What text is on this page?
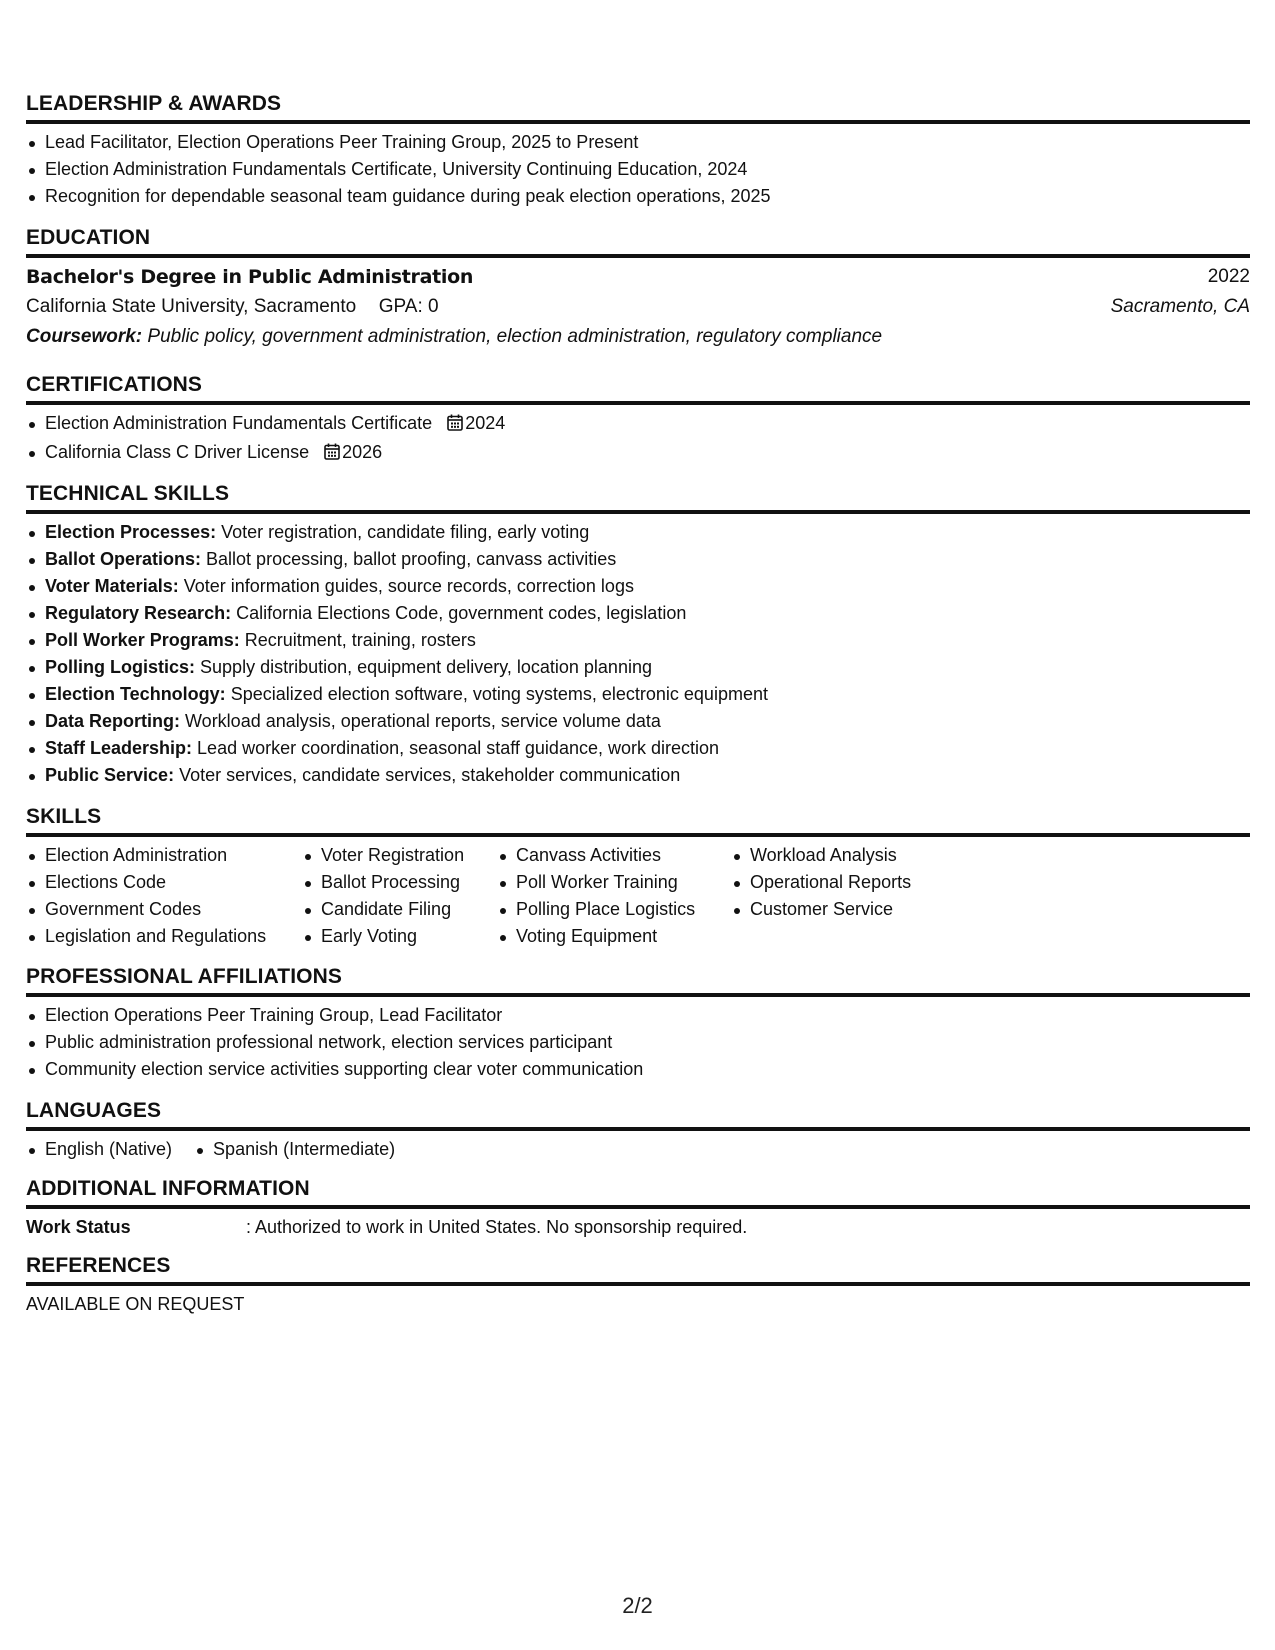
LEADERSHIP & AWARDS
Lead Facilitator, Election Operations Peer Training Group, 2025 to Present
Election Administration Fundamentals Certificate, University Continuing Education, 2024
Recognition for dependable seasonal team guidance during peak election operations, 2025
EDUCATION
Bachelor's Degree in Public Administration	2022
California State University, Sacramento GPA: 0	Sacramento, CA
Coursework: Public policy, government administration, election administration, regulatory compliance
CERTIFICATIONS
Election Administration Fundamentals Certificate 2024
California Class C Driver License 2026
TECHNICAL SKILLS
Election Processes: Voter registration, candidate filing, early voting
Ballot Operations: Ballot processing, ballot proofing, canvass activities
Voter Materials: Voter information guides, source records, correction logs
Regulatory Research: California Elections Code, government codes, legislation
Poll Worker Programs: Recruitment, training, rosters
Polling Logistics: Supply distribution, equipment delivery, location planning
Election Technology: Specialized election software, voting systems, electronic equipment
Data Reporting: Workload analysis, operational reports, service volume data
Staff Leadership: Lead worker coordination, seasonal staff guidance, work direction
Public Service: Voter services, candidate services, stakeholder communication
SKILLS
Election Administration
Elections Code
Government Codes
Legislation and Regulations
Voter Registration
Ballot Processing
Candidate Filing
Early Voting
Canvass Activities
Poll Worker Training
Polling Place Logistics
Voting Equipment
Workload Analysis
Operational Reports
Customer Service
PROFESSIONAL AFFILIATIONS
Election Operations Peer Training Group, Lead Facilitator
Public administration professional network, election services participant
Community election service activities supporting clear voter communication
LANGUAGES
English (Native)	Spanish (Intermediate)
ADDITIONAL INFORMATION
Work Status	: Authorized to work in United States. No sponsorship required.
REFERENCES
AVAILABLE ON REQUEST
2/2
